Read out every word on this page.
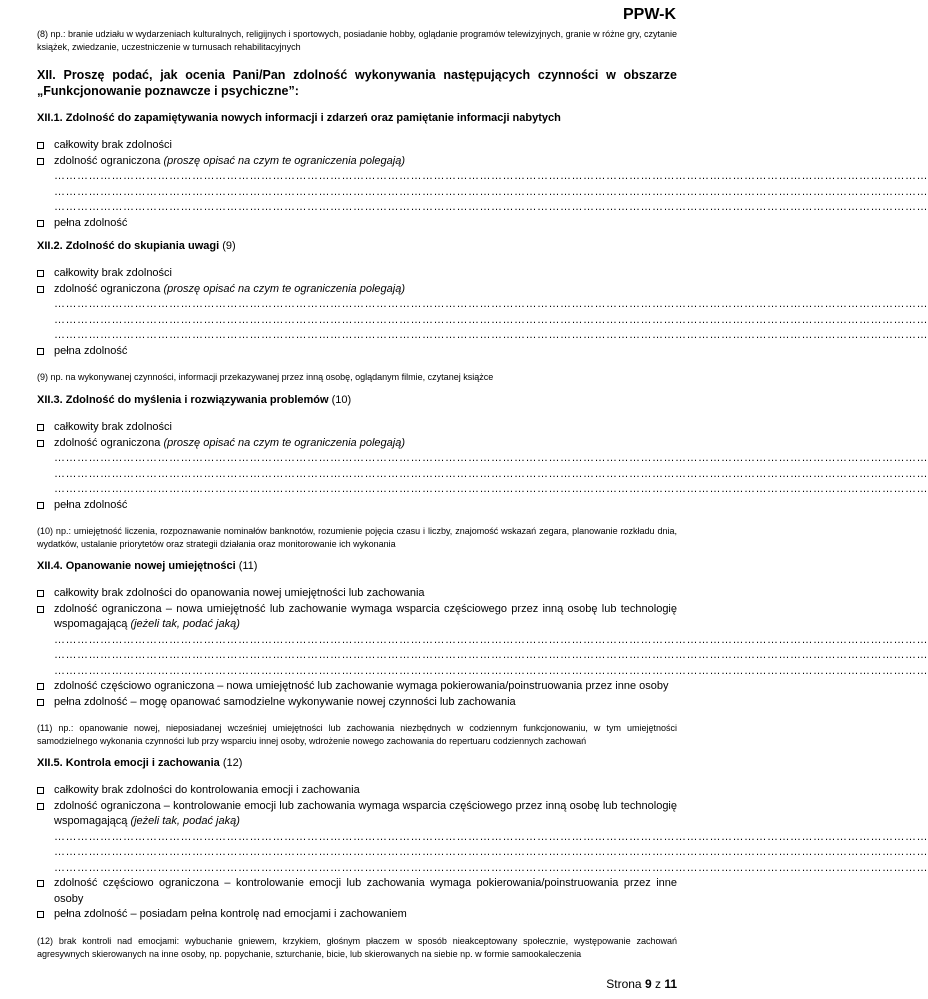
PPW-K
(8) np.: branie udziału w wydarzeniach kulturalnych, religijnych i sportowych, posiadanie hobby, oglądanie programów telewizyjnych, granie w różne gry, czytanie książek, zwiedzanie, uczestniczenie w turnusach rehabilitacyjnych
XII. Proszę podać, jak ocenia Pani/Pan zdolność wykonywania następujących czynności w obszarze „Funkcjonowanie poznawcze i psychiczne”:
XII.1. Zdolność do zapamiętywania nowych informacji i zdarzeń oraz pamiętanie informacji nabytych
całkowity brak zdolności
zdolność ograniczona (proszę opisać na czym te ograniczenia polegają)
…………………………………………………………………………………………………………………………………………………………………………………………………………
…………………………………………………………………………………………………………………………………………………………………………………………………………
…………………………………………………………………………………………………………………………………………………………………………………………………………
pełna zdolność
XII.2. Zdolność do skupiania uwagi (9)
całkowity brak zdolności
zdolność ograniczona (proszę opisać na czym te ograniczenia polegają)
…………………………………………………………………………………………………………………………………………………………………………………………………………
…………………………………………………………………………………………………………………………………………………………………………………………………………
…………………………………………………………………………………………………………………………………………………………………………………………………………
pełna zdolność
(9) np. na wykonywanej czynności, informacji przekazywanej przez inną osobę, oglądanym filmie, czytanej książce
XII.3. Zdolność do myślenia i rozwiązywania problemów (10)
całkowity brak zdolności
zdolność ograniczona (proszę opisać na czym te ograniczenia polegają)
…………………………………………………………………………………………………………………………………………………………………………………………………………
…………………………………………………………………………………………………………………………………………………………………………………………………………
…………………………………………………………………………………………………………………………………………………………………………………………………………
pełna zdolność
(10) np.: umiejętność liczenia, rozpoznawanie nominałów banknotów, rozumienie pojęcia czasu i liczby, znajomość wskazań zegara, planowanie rozkładu dnia, wydatków, ustalanie priorytetów oraz strategii działania oraz monitorowanie ich wykonania
XII.4. Opanowanie nowej umiejętności (11)
całkowity brak zdolności do opanowania nowej umiejętności lub zachowania
zdolność ograniczona – nowa umiejętność lub zachowanie wymaga wsparcia częściowego przez inną osobę lub technologię wspomagającą (jeżeli tak, podać jaką)
…………………………………………………………………………………………………………………………………………………………………………………………………………
…………………………………………………………………………………………………………………………………………………………………………………………………………
…………………………………………………………………………………………………………………………………………………………………………………………………………
zdolność częściowo ograniczona – nowa umiejętność lub zachowanie wymaga pokierowania/poinstruowania przez inne osoby
pełna zdolność – mogę opanować samodzielne wykonywanie nowej czynności lub zachowania
(11) np.: opanowanie nowej, nieposiadanej wcześniej umiejętności lub zachowania niezbędnych w codziennym funkcjonowaniu, w tym umiejętności samodzielnego wykonania czynności lub przy wsparciu innej osoby, wdrożenie nowego zachowania do repertuaru codziennych zachowań
XII.5. Kontrola emocji i zachowania (12)
całkowity brak zdolności do kontrolowania emocji i zachowania
zdolność ograniczona – kontrolowanie emocji lub zachowania wymaga wsparcia częściowego przez inną osobę lub technologię wspomagającą (jeżeli tak, podać jaką)
…………………………………………………………………………………………………………………………………………………………………………………………………………
…………………………………………………………………………………………………………………………………………………………………………………………………………
…………………………………………………………………………………………………………………………………………………………………………………………………………
zdolność częściowo ograniczona – kontrolowanie emocji lub zachowania wymaga pokierowania/poinstruowania przez inne osoby
pełna zdolność – posiadam pełna kontrolę nad emocjami i zachowaniem
(12) brak kontroli nad emocjami: wybuchanie gniewem, krzykiem, głośnym płaczem w sposób nieakceptowany społecznie, występowanie zachowań agresywnych skierowanych na inne osoby, np. popychanie, szturchanie, bicie, lub skierowanych na siebie np. w formie samookaleczenia
Strona 9 z 11
